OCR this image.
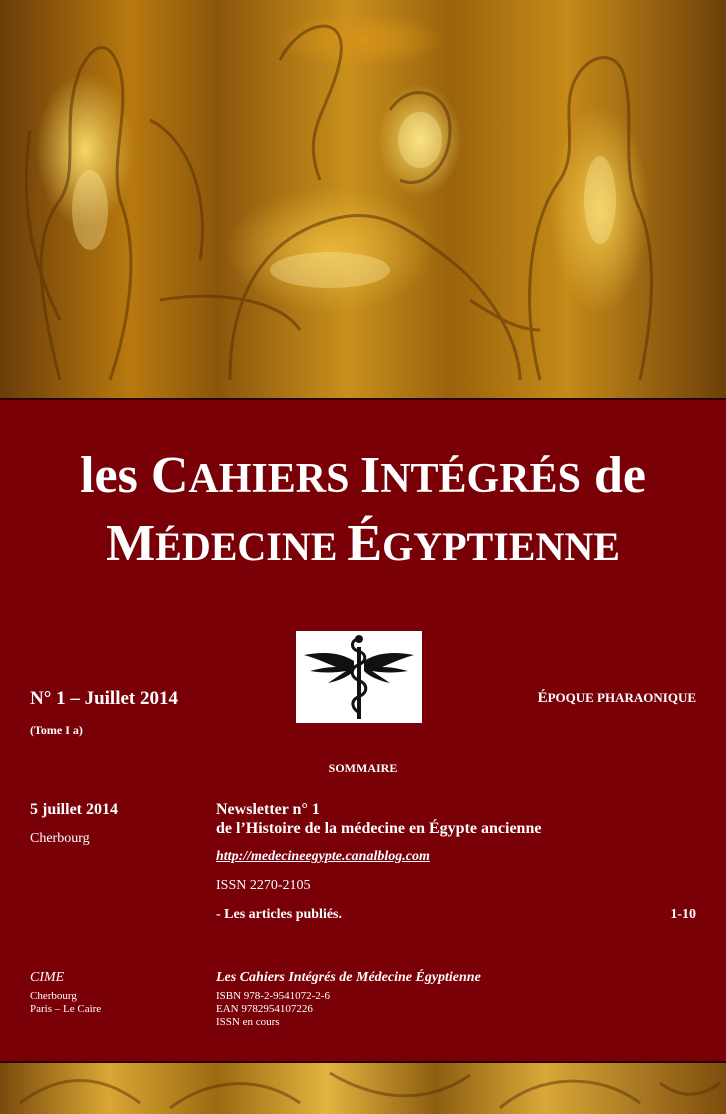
les CAHIERS INTÉGRÉS de
MÉDECINE ÉGYPTIENNE
N° 1 – Juillet 2014
(Tome I a)
ÉPOQUE PHARAONIQUE
SOMMAIRE
5 juillet 2014
Cherbourg
Newsletter n° 1
de l’Histoire de la médecine en Égypte ancienne
http://medecineegypte.canalblog.com
ISSN 2270-2105
- Les articles publiés.	1-10
CIME
Cherbourg
Paris – Le Caire
Les Cahiers Intégrés de Médecine Égyptienne
ISBN 978-2-9541072-2-6
EAN 9782954107226
ISSN en cours
